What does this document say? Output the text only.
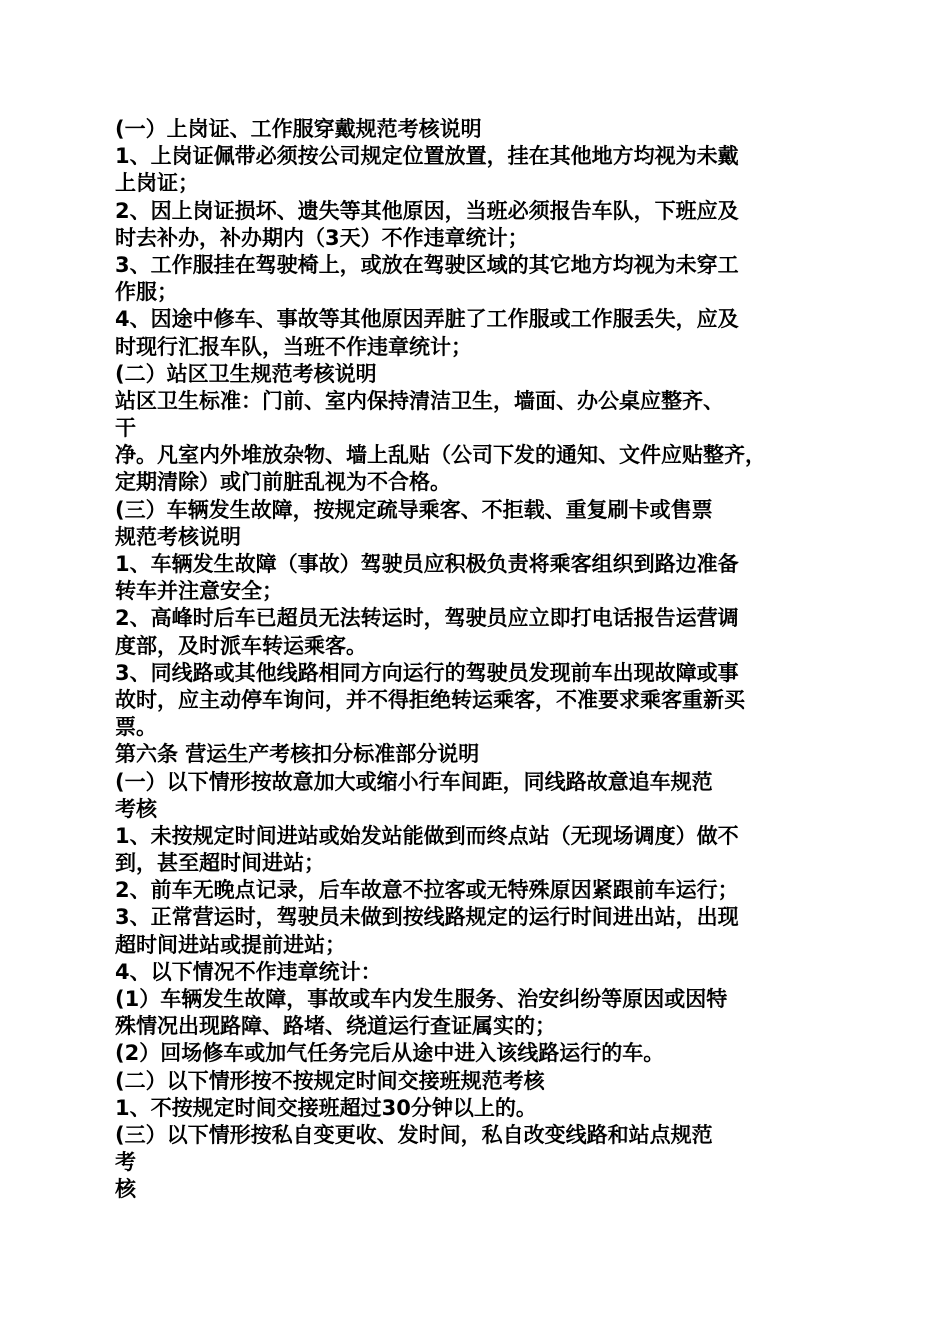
(一）上岗证、工作服穿戴规范考核说明
1、上岗证佩带必须按公司规定位置放置，挂在其他地方均视为未戴
上岗证；
2、因上岗证损坏、遗失等其他原因，当班必须报告车队，下班应及
时去补办，补办期内（3天）不作违章统计；
3、工作服挂在驾驶椅上，或放在驾驶区域的其它地方均视为未穿工
作服；
4、因途中修车、事故等其他原因弄脏了工作服或工作服丢失，应及
时现行汇报车队，当班不作违章统计；
(二）站区卫生规范考核说明
站区卫生标准：门前、室内保持清洁卫生，墙面、办公桌应整齐、
干
净。凡室内外堆放杂物、墙上乱贴（公司下发的通知、文件应贴整齐，
定期清除）或门前脏乱视为不合格。
(三）车辆发生故障，按规定疏导乘客、不拒载、重复刷卡或售票
规范考核说明
1、车辆发生故障（事故）驾驶员应积极负责将乘客组织到路边准备
转车并注意安全；
2、高峰时后车已超员无法转运时，驾驶员应立即打电话报告运营调
度部，及时派车转运乘客。
3、同线路或其他线路相同方向运行的驾驶员发现前车出现故障或事
故时，应主动停车询问，并不得拒绝转运乘客，不准要求乘客重新买
票。
第六条 营运生产考核扣分标准部分说明
(一）以下情形按故意加大或缩小行车间距，同线路故意追车规范
考核
1、未按规定时间进站或始发站能做到而终点站（无现场调度）做不
到，甚至超时间进站；
2、前车无晚点记录，后车故意不拉客或无特殊原因紧跟前车运行；
3、正常营运时，驾驶员未做到按线路规定的运行时间进出站，出现
超时间进站或提前进站；
4、以下情况不作违章统计：
(1）车辆发生故障，事故或车内发生服务、治安纠纷等原因或因特
殊情况出现路障、路堵、绕道运行查证属实的；
(2）回场修车或加气任务完后从途中进入该线路运行的车。
(二）以下情形按不按规定时间交接班规范考核
1、不按规定时间交接班超过30分钟以上的。
(三）以下情形按私自变更收、发时间，私自改变线路和站点规范
考
核
